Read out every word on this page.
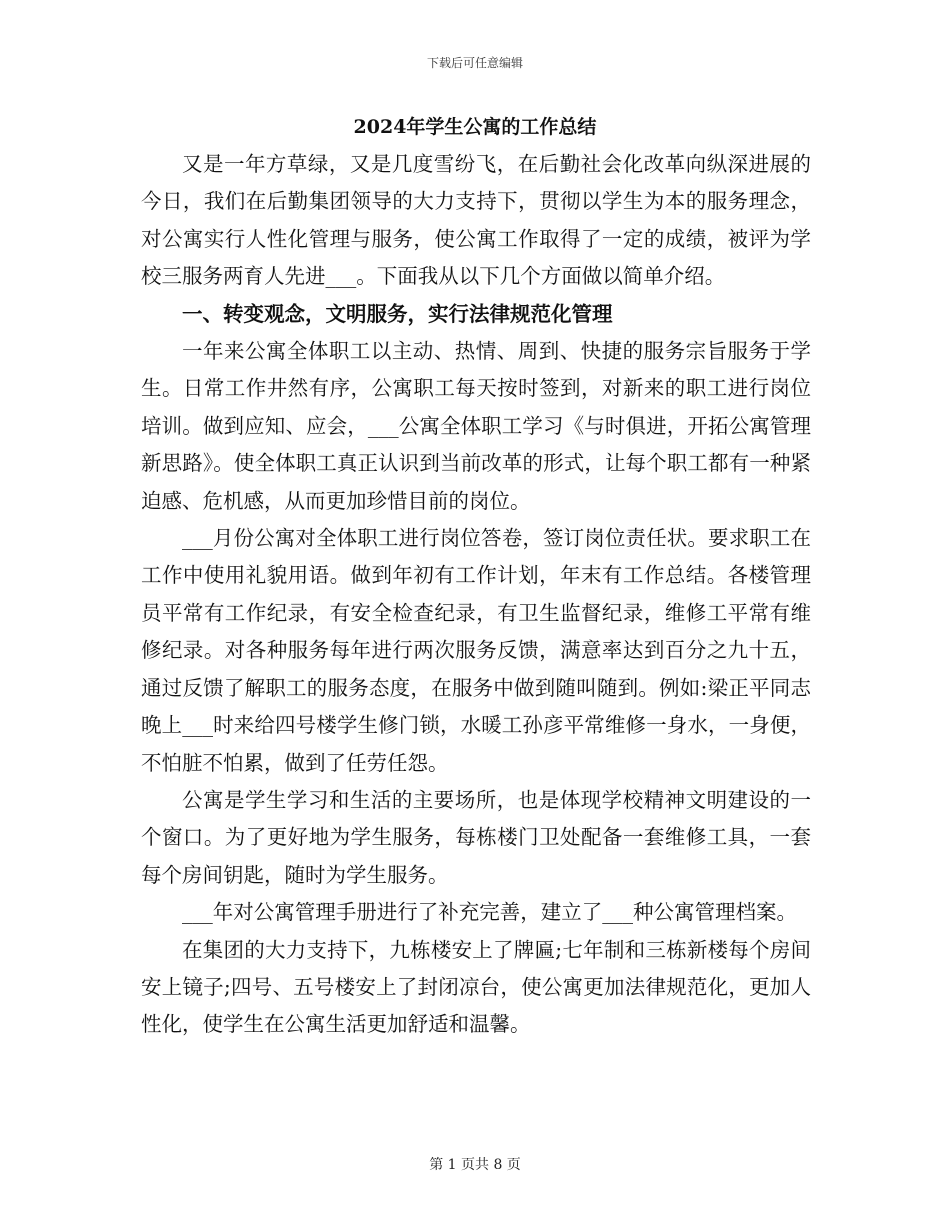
下载后可任意编辑
2024年学生公寓的工作总结

又是一年方草绿，又是几度雪纷飞，在后勤社会化改革向纵深进展的今日，我们在后勤集团领导的大力支持下，贯彻以学生为本的服务理念，对公寓实行人性化管理与服务，使公寓工作取得了一定的成绩，被评为学校三服务两育人先进___。下面我从以下几个方面做以简单介绍。

一、转变观念，文明服务，实行法律规范化管理

一年来公寓全体职工以主动、热情、周到、快捷的服务宗旨服务于学生。日常工作井然有序，公寓职工每天按时签到，对新来的职工进行岗位培训。做到应知、应会，___公寓全体职工学习《与时俱进，开拓公寓管理新思路》。使全体职工真正认识到当前改革的形式，让每个职工都有一种紧迫感、危机感，从而更加珍惜目前的岗位。

___月份公寓对全体职工进行岗位答卷，签订岗位责任状。要求职工在工作中使用礼貌用语。做到年初有工作计划，年末有工作总结。各楼管理员平常有工作纪录，有安全检查纪录，有卫生监督纪录，维修工平常有维修纪录。对各种服务每年进行两次服务反馈，满意率达到百分之九十五，通过反馈了解职工的服务态度，在服务中做到随叫随到。例如:梁正平同志晚上___时来给四号楼学生修门锁，水暖工孙彦平常维修一身水，一身便，不怕脏不怕累，做到了任劳任怨。

公寓是学生学习和生活的主要场所，也是体现学校精神文明建设的一个窗口。为了更好地为学生服务，每栋楼门卫处配备一套维修工具，一套每个房间钥匙，随时为学生服务。

___年对公寓管理手册进行了补充完善，建立了___种公寓管理档案。

在集团的大力支持下，九栋楼安上了牌匾;七年制和三栋新楼每个房间安上镜子;四号、五号楼安上了封闭凉台，使公寓更加法律规范化，更加人性化，使学生在公寓生活更加舒适和温馨。

第 1 页共 8 页
